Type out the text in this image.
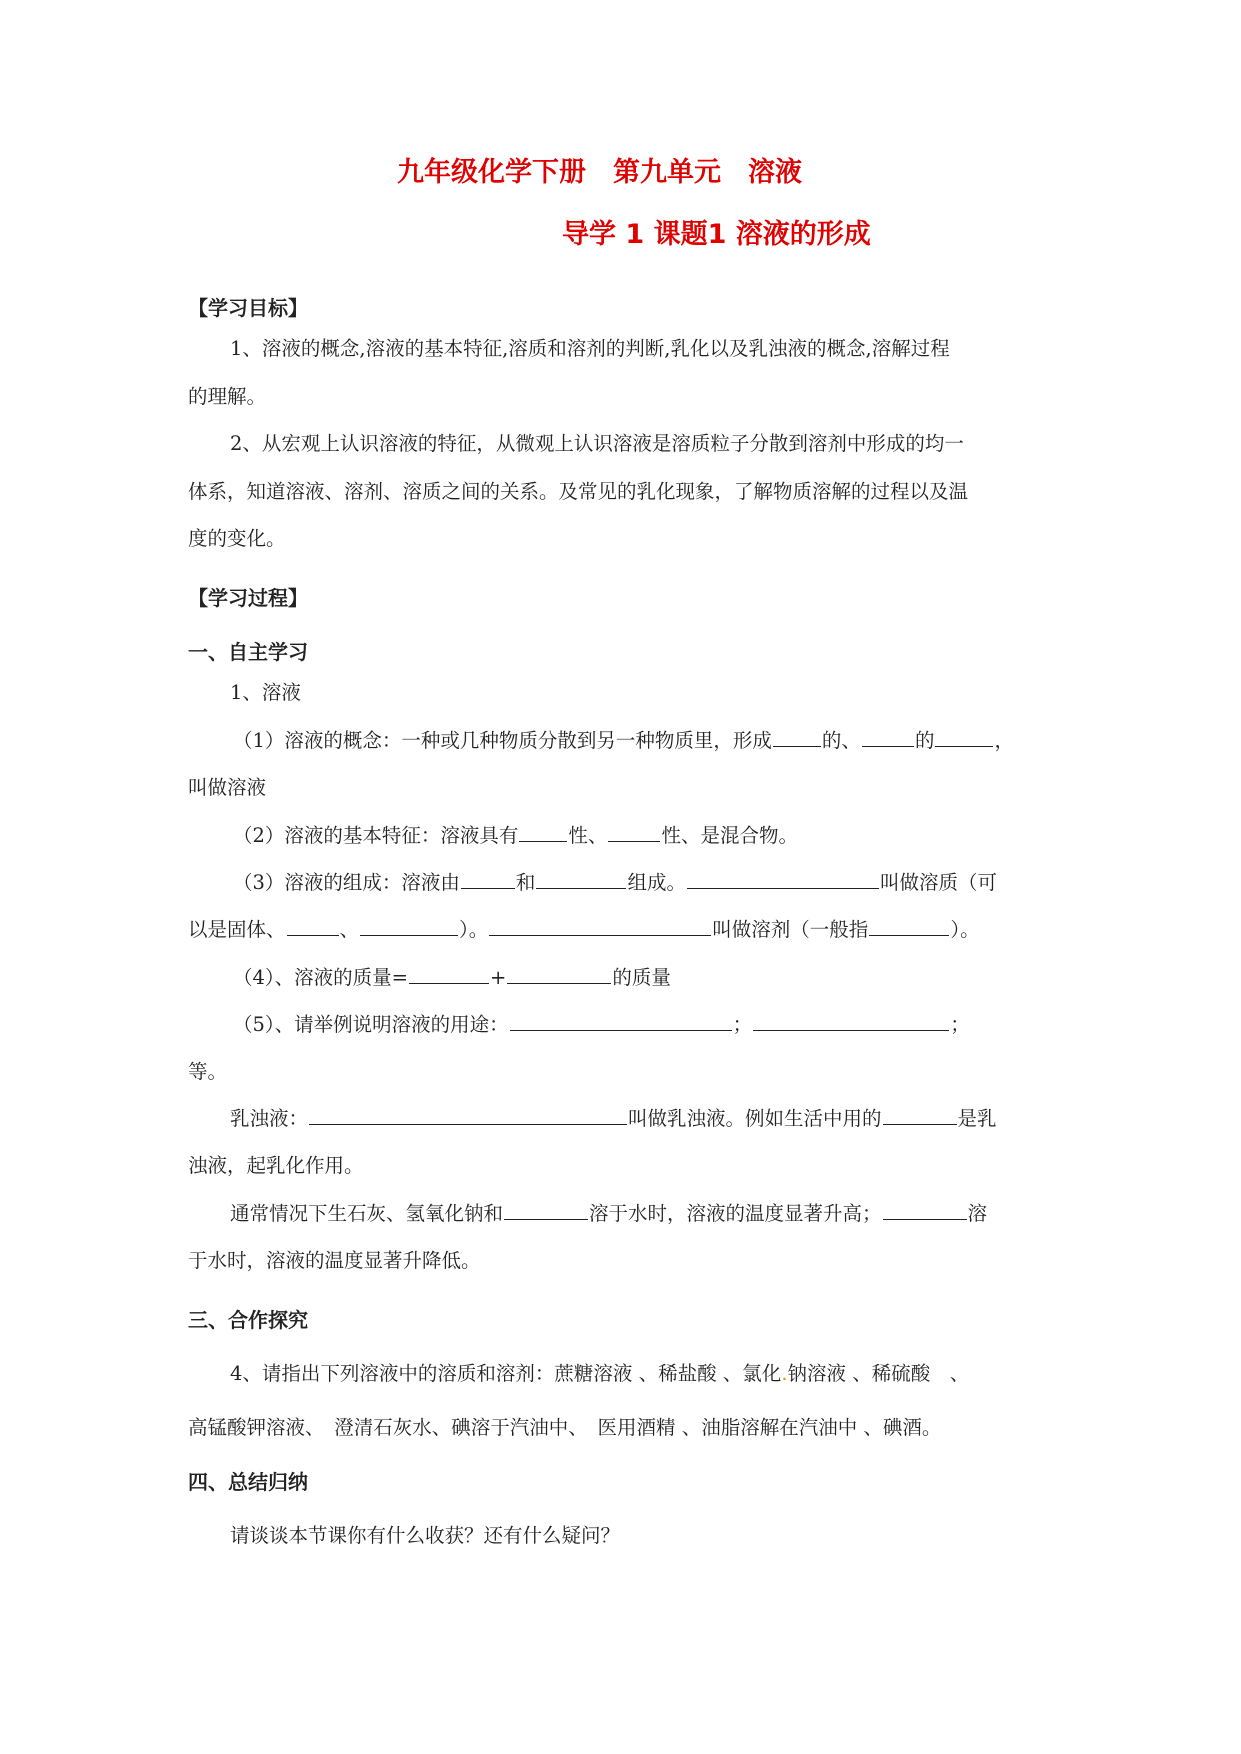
九年级化学下册　第九单元　溶液
导学 1 课题1 溶液的形成
【学习目标】
1、溶液的概念,溶液的基本特征,溶质和溶剂的判断,乳化以及乳浊液的概念,溶解过程
的理解。
2、从宏观上认识溶液的特征，从微观上认识溶液是溶质粒子分散到溶剂中形成的均一
体系，知道溶液、溶剂、溶质之间的关系。及常见的乳化现象，了解物质溶解的过程以及温
度的变化。
【学习过程】
一、自主学习
1、溶液
（1）溶液的概念：一种或几种物质分散到另一种物质里，形成	的、	的	，
叫做溶液
（2）溶液的基本特征：溶液具有	性、	性、是混合物。
（3）溶液的组成：溶液由	和	组成。	叫做溶质（可
以是固体、	、	）。	叫做溶剂（一般指	）。
（4）、溶液的质量=	+	的质量
（5）、请举例说明溶液的用途：	；	；
等。
乳浊液：	叫做乳浊液。例如生活中用的	是乳
浊液，起乳化作用。
通常情况下生石灰、氢氧化钠和	溶于水时，溶液的温度显著升高；	溶
于水时，溶液的温度显著升降低。
三、合作探究
4、请指出下列溶液中的溶质和溶剂：蔗糖溶液 、稀盐酸 、氯化.钠溶液 、稀硫酸　、
高锰酸钾溶液、　澄清石灰水、碘溶于汽油中、　医用酒精 、油脂溶解在汽油中 、碘酒。
四、总结归纳
请谈谈本节课你有什么收获？还有什么疑问？
